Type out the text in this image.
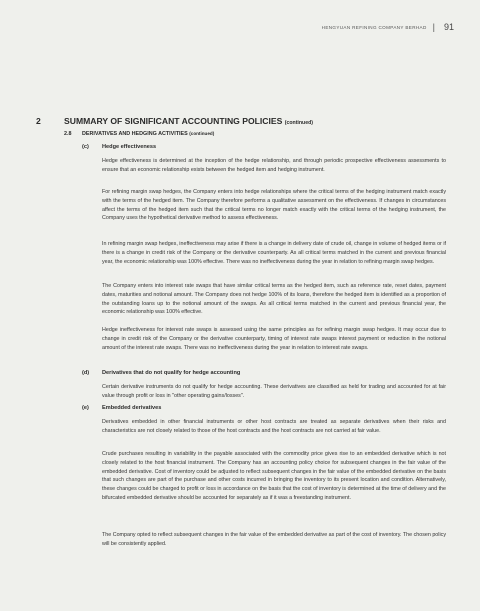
HENGYUAN REFINING COMPANY BERHAD | 91
2	SUMMARY OF SIGNIFICANT ACCOUNTING POLICIES (continued)
2.8 DERIVATIVES AND HEDGING ACTIVITIES (continued)
(c) Hedge effectiveness

Hedge effectiveness is determined at the inception of the hedge relationship, and through periodic prospective effectiveness assessments to ensure that an economic relationship exists between the hedged item and hedging instrument.

For refining margin swap hedges, the Company enters into hedge relationships where the critical terms of the hedging instrument match exactly with the terms of the hedged item. The Company therefore performs a qualitative assessment on the effectiveness. If changes in circumstances affect the terms of the hedged item such that the critical terms no longer match exactly with the critical terms of the hedging instrument, the Company uses the hypothetical derivative method to assess effectiveness.

In refining margin swap hedges, ineffectiveness may arise if there is a change in delivery date of crude oil, change in volume of hedged items or if there is a change in credit risk of the Company or the derivative counterparty. As all critical terms matched in the current and previous financial year, the economic relationship was 100% effective. There was no ineffectiveness during the year in relation to refining margin swap hedges.

The Company enters into interest rate swaps that have similar critical terms as the hedged item, such as reference rate, reset dates, payment dates, maturities and notional amount. The Company does not hedge 100% of its loans, therefore the hedged item is identified as a proportion of the outstanding loans up to the notional amount of the swaps. As all critical terms matched in the current and previous financial year, the economic relationship was 100% effective.

Hedge ineffectiveness for interest rate swaps is assessed using the same principles as for refining margin swap hedges. It may occur due to change in credit risk of the Company or the derivative counterparty, timing of interest rate swaps interest payment or reduction in the notional amount of the interest rate swaps. There was no ineffectiveness during the year in relation to interest rate swaps.

(d) Derivatives that do not qualify for hedge accounting

Certain derivative instruments do not qualify for hedge accounting. These derivatives are classified as held for trading and accounted for at fair value through profit or loss in "other operating gains/losses".

(e) Embedded derivatives

Derivatives embedded in other financial instruments or other host contracts are treated as separate derivatives when their risks and characteristics are not closely related to those of the host contracts and the host contracts are not carried at fair value.

Crude purchases resulting in variability in the payable associated with the commodity price gives rise to an embedded derivative which is not closely related to the host financial instrument. The Company has an accounting policy choice for subsequent changes in the fair value of the embedded derivative. Cost of inventory could be adjusted to reflect subsequent changes in the fair value of the embedded derivative on the basis that such changes are part of the purchase and other costs incurred in bringing the inventory to its present location and condition. Alternatively, these changes could be charged to profit or loss in accordance on the basis that the cost of inventory is determined at the time of delivery and the bifurcated embedded derivative should be accounted for separately as if it was a freestanding instrument.

The Company opted to reflect subsequent changes in the fair value of the embedded derivative as part of the cost of inventory. The chosen policy will be consistently applied.
